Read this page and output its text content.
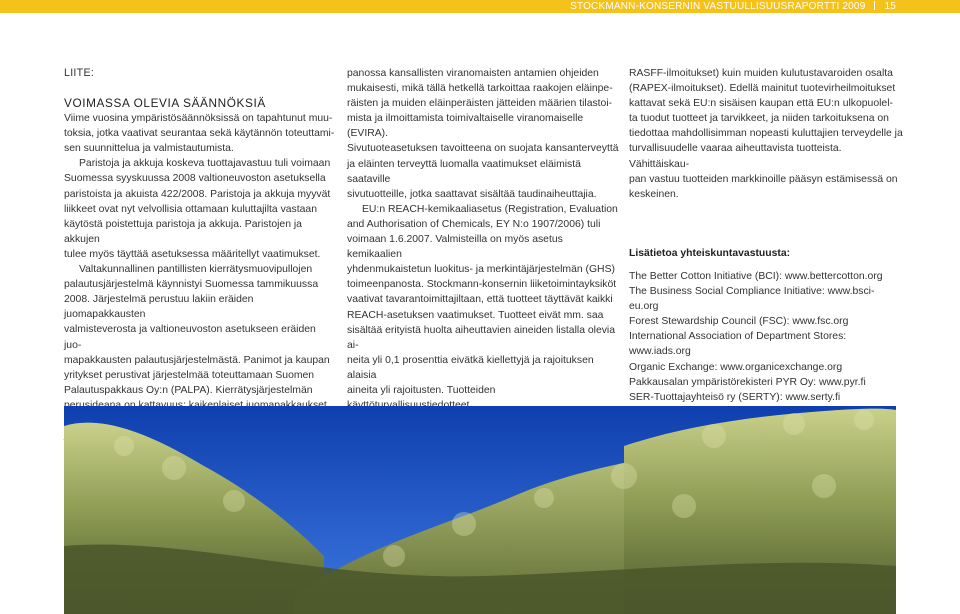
STOCKMANN-KONSERNIN VASTUULLISUUSRAPORTTI 2009 15

LIITE:

VOIMASSA OLEVIA SÄÄNNÖKSIÄ

Viime vuosina ympäristösäännöksissä on tapahtunut muu-
toksia, jotka vaativat seurantaa sekä käytännön toteuttami-
sen suunnittelua ja valmistautumista.

Paristoja ja akkuja koskeva tuottajavastuu tuli voimaan
Suomessa syyskuussa 2008 valtioneuvoston asetuksella
paristoista ja akuista 422/2008. Paristoja ja akkuja myyvät
liikkeet ovat nyt velvollisia ottamaan kuluttajilta vastaan
käytöstä poistettuja paristoja ja akkuja. Paristojen ja akkujen
tulee myös täyttää asetuksessa määritellyt vaatimukset.

Valtakunnallinen pantillisten kierrätysmuovipullojen
palautusjärjestelmä käynnistyi Suomessa tammikuussa
2008. Järjestelmä perustuu lakiin eräiden juomapakkausten
valmisteverosta ja valtioneuvoston asetukseen eräiden juo-
mapakkausten palautusjärjestelmästä. Panimot ja kaupan
yritykset perustivat järjestelmää toteuttamaan Suomen
Palautuspakkaus Oy:n (PALPA). Kierrätysjärjestelmän

panossa kansallisten viranomaisten antamien ohjeiden
mukaisesti, mikä tällä hetkellä tarkoittaa raakojen eläinpe-
räisten ja muiden eläinperäisten jätteiden määrien tilastoi-
mista ja ilmoittamista toimivaltaiselle viranomaiselle (EVIRA).
Sivutuoteasetuksen tavoitteena on suojata kansanterveyttä
ja eläinten terveyttä luomalla vaatimukset eläimistä saataville
sivutuotteille, jotka saattavat sisältää taudinaiheuttajia.

EU:n REACH-kemikaaliasetus (Registration, Evaluation
and Authorisation of Chemicals, EY N:o 1907/2006) tuli
voimaan 1.6.2007. Valmisteilla on myös asetus kemikaalien
yhdenmukaistetun luokitus- ja merkintäjärjestelmän (GHS)
toimeenpanosta. Stockmann-konsernin liiketoimintayksiköt
vaativat tavarantoimittajiltaan, että tuotteet täyttävät kaikki
REACH-asetuksen vaatimukset. Tuotteet eivät mm. saa
sisältää erityistä huolta aiheuttavien aineiden listalla olevia ai-
neita yli 0,1 prosenttia eivätkä kiellettyjä ja rajoituksen alaisia
aineita yli rajoitusten. Tuotteiden

RASFF-ilmoitukset) kuin muiden kulutustavaroiden osalta
(RAPEX-ilmoitukset). Edellä mainitut tuotevirheilmoitukset
kattavat sekä EU:n sisäisen kaupan että EU:n ulkopuolel-
ta tuodut tuotteet ja tarvikkeet, ja niiden tarkoituksena on
tiedottaa mahdollisimman nopeasti kuluttajien terveydelle ja
turvallisuudelle vaaraa aiheuttavista tuotteista. Vähittäiskau-
pan vastuu tuotteiden markkinoille pääsyn estämisessä on
keskeinen.

Lisätietoa yhteiskuntavastuusta:

The Better Cotton Initiative (BCI): www.bettercotton.org

The Business Social Compliance Initiative: www.bsci-eu.org

Forest Stewardship Council (FSC): www.fsc.org

International Association of Department Stores:

www.iads.org

Organic Exchange: www.organicexchange.org

Pakkausalan ympäristörekisteri PYR Oy: www.pyr.fi

SER-Tuottajayhteisö ry (SERTY): www.serty.fi
